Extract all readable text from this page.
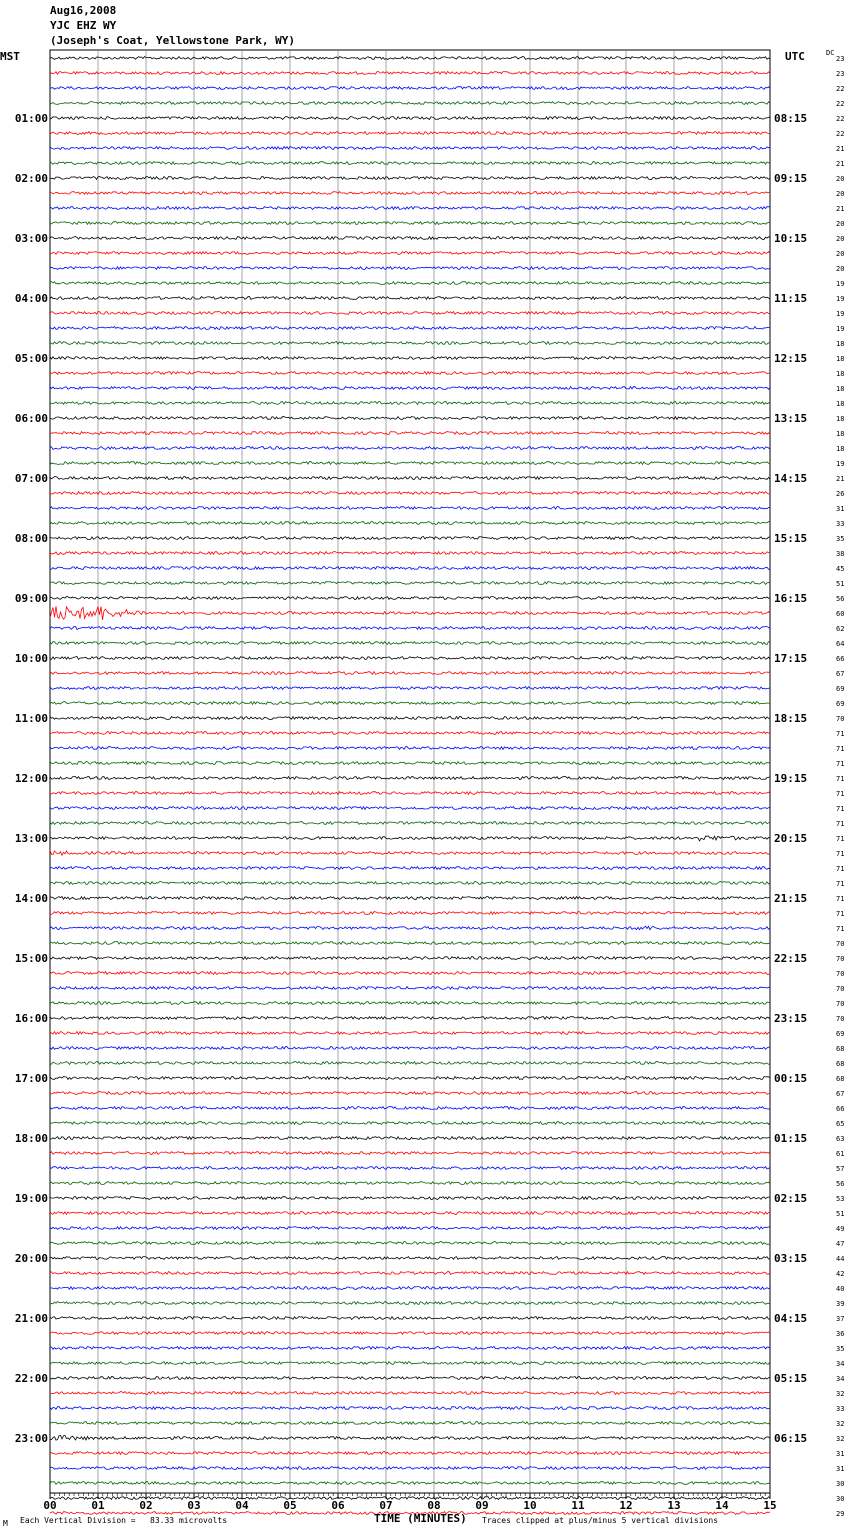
Aug16,2008
YJC EHZ WY
(Joseph's Coat, Yellowstone Park, WY)
MST	UTC	DC
23
23
22
22
22
22
21
21
20
20
21
20
20
20
20
19
19
19
19
18
18
18
18
18
18
18
18
19
21
26
31
33
35
38
45
51
56
60
62
64
66
67
69
69
70
71
71
71
71
71
71
71
71
71
71
71
71
71
71
70
70
70
70
70
70
69
68
68
68
67
66
65
63
61
57
56
53
51
49
47
44
42
40
39
37
36
35
34
34
32
33
32
32
31
31
30
30
29
01:00	08:15
02:00	09:15
03:00	10:15
04:00	11:15
05:00	12:15
06:00	13:15
07:00	14:15
08:00	15:15
09:00	16:15
10:00	17:15
11:00	18:15
12:00	19:15
13:00	20:15
14:00	21:15
15:00	22:15
16:00	23:15
17:00	00:15
18:00	01:15
19:00	02:15
20:00	03:15
21:00	04:15
22:00	05:15
23:00	06:15
00	01	02	03	04	05	06	07	08	09	10	11	12	13	14	15
TIME (MINUTES)
M Each Vertical Division =   83.33 microvolts	Traces clipped at plus/minus 5 vertical divisions
